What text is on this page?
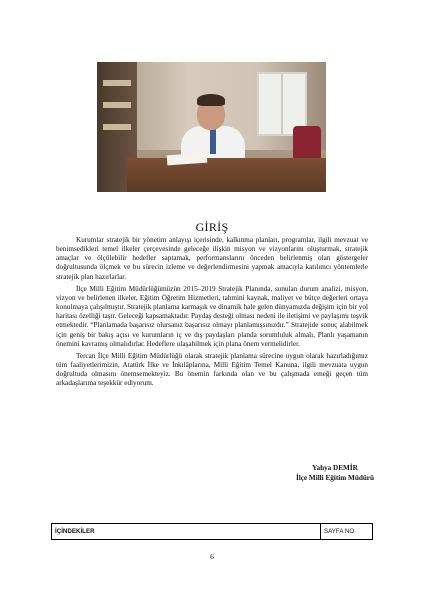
GİRİŞ

Kurumlar stratejik bir yönetim anlayışı içerisinde, kalkınma planları, programlar, ilgili mevzuat ve benimsedikleri temel ilkeler çerçevesinde geleceğe ilişkin misyon ve vizyonlarını oluşturmak, stratejik amaçlar ve ölçülebilir hedefler saptamak, performanslarını önceden belirlenmiş olan göstergeler doğrultusunda ölçmek ve bu sürecin izleme ve değerlendirmesini yapmak amacıyla katılımcı yöntemlerle stratejik plan hazırlarlar.

İlçe Milli Eğitim Müdürlüğümüzün 2015–2019 Stratejik Planında, sunulan durum analizi, misyon, vizyon ve belirlenen ilkeler, Eğitim Öğretim Hizmetleri, tahmini kaynak, maliyet ve bütçe değerleri ortaya konulmaya çalışılmıştır. Stratejik planlama karmaşık ve dinamik hale gelen dünyamızda değişim için bir yol haritası özelliği taşır. Geleceği kapsamaktadır. Paydaş desteği olması nedeni ile iletişimi ve paylaşımı teşvik etmektedir. “Planlamada başarısız olursanız başarısız olmayı planlamışsınızdır.” Stratejide sonuç alabilmek için geniş bir bakış açısı ve kurumların iç ve dış paydaşları planda sorumluluk almalı, Planlı yaşamanın önemini kavramış olmalıdırlar. Hedeflere ulaşabilmek için plana önem vermelidirler.

Tercan İlçe Milli Eğitim Müdürlüğü olarak stratejik planlama sürecine uygun olarak hazırladığımız tüm faaliyetlerimizin, Atatürk İlke ve İnkılâplarına, Milli Eğitim Temel Kanuna, ilgili mevzuata uygun doğrultuda olmasını önemsemekteyiz. Bu önemin farkında olan ve bu çalışmada emeği geçen tüm arkadaşlarıma teşekkür ediyorum.

Yahya DEMİR
İlçe Milli Eğitim Müdürü
İÇİNDEKİLER	SAYFA NO
6
